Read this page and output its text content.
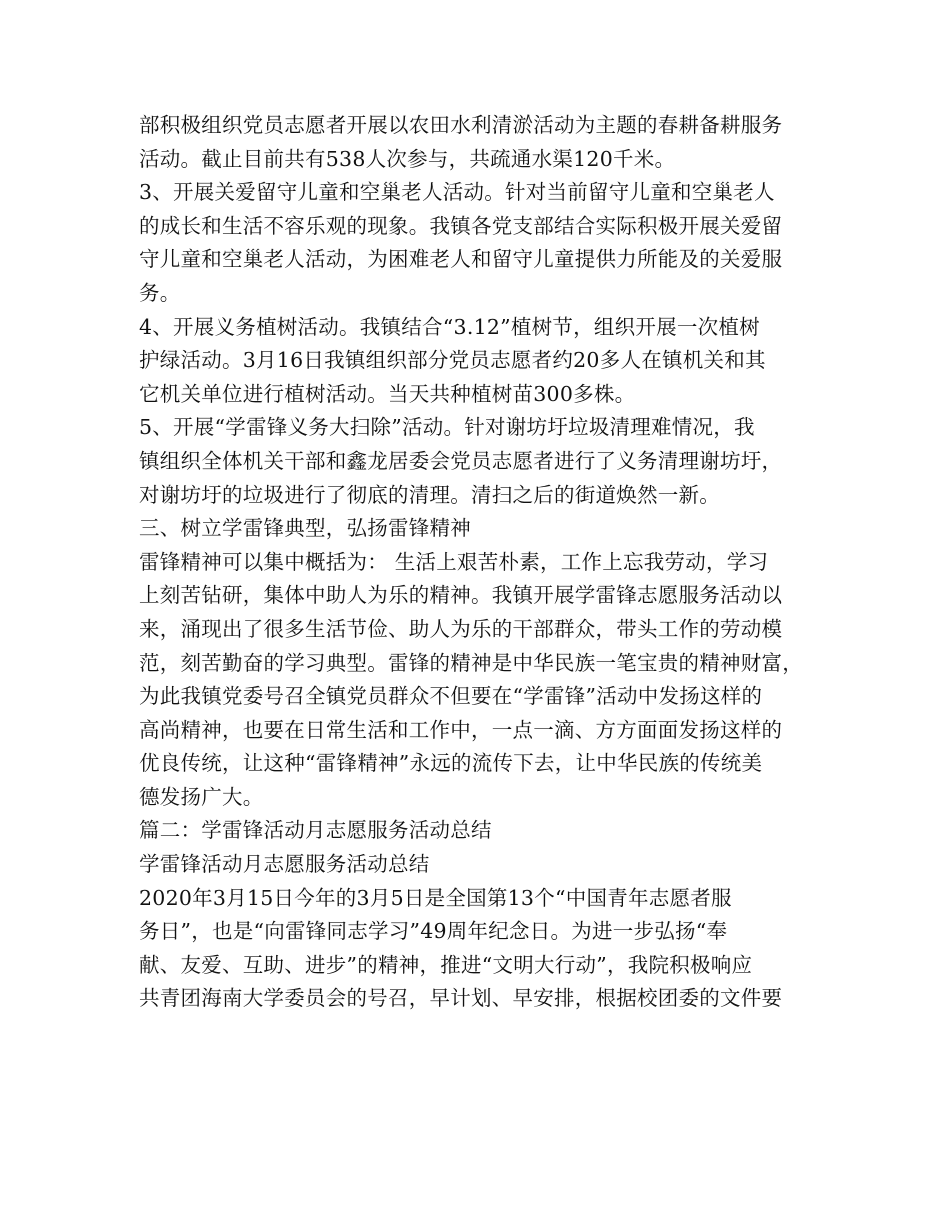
部积极组织党员志愿者开展以农田水利清淤活动为主题的春耕备耕服务
活动。截止目前共有538人次参与，共疏通水渠120千米。
3、开展关爱留守儿童和空巢老人活动。针对当前留守儿童和空巢老人
的成长和生活不容乐观的现象。我镇各党支部结合实际积极开展关爱留
守儿童和空巢老人活动，为困难老人和留守儿童提供力所能及的关爱服
务。
4、开展义务植树活动。我镇结合“3.12”植树节，组织开展一次植树
护绿活动。3月16日我镇组织部分党员志愿者约20多人在镇机关和其
它机关单位进行植树活动。当天共种植树苗300多株。
5、开展“学雷锋义务大扫除”活动。针对谢坊圩垃圾清理难情况，我
镇组织全体机关干部和鑫龙居委会党员志愿者进行了义务清理谢坊圩，
对谢坊圩的垃圾进行了彻底的清理。清扫之后的街道焕然一新。
三、树立学雷锋典型，弘扬雷锋精神
雷锋精神可以集中概括为： 生活上艰苦朴素，工作上忘我劳动，学习
上刻苦钻研，集体中助人为乐的精神。我镇开展学雷锋志愿服务活动以
来，涌现出了很多生活节俭、助人为乐的干部群众，带头工作的劳动模
范，刻苦勤奋的学习典型。雷锋的精神是中华民族一笔宝贵的精神财富，
为此我镇党委号召全镇党员群众不但要在“学雷锋”活动中发扬这样的
高尚精神，也要在日常生活和工作中，一点一滴、方方面面发扬这样的
优良传统，让这种“雷锋精神”永远的流传下去，让中华民族的传统美
德发扬广大。
篇二：学雷锋活动月志愿服务活动总结
学雷锋活动月志愿服务活动总结
2020年3月15日今年的3月5日是全国第13个“中国青年志愿者服
务日”，也是“向雷锋同志学习”49周年纪念日。为进一步弘扬“奉
献、友爱、互助、进步”的精神，推进“文明大行动”，我院积极响应
共青团海南大学委员会的号召，早计划、早安排，根据校团委的文件要
